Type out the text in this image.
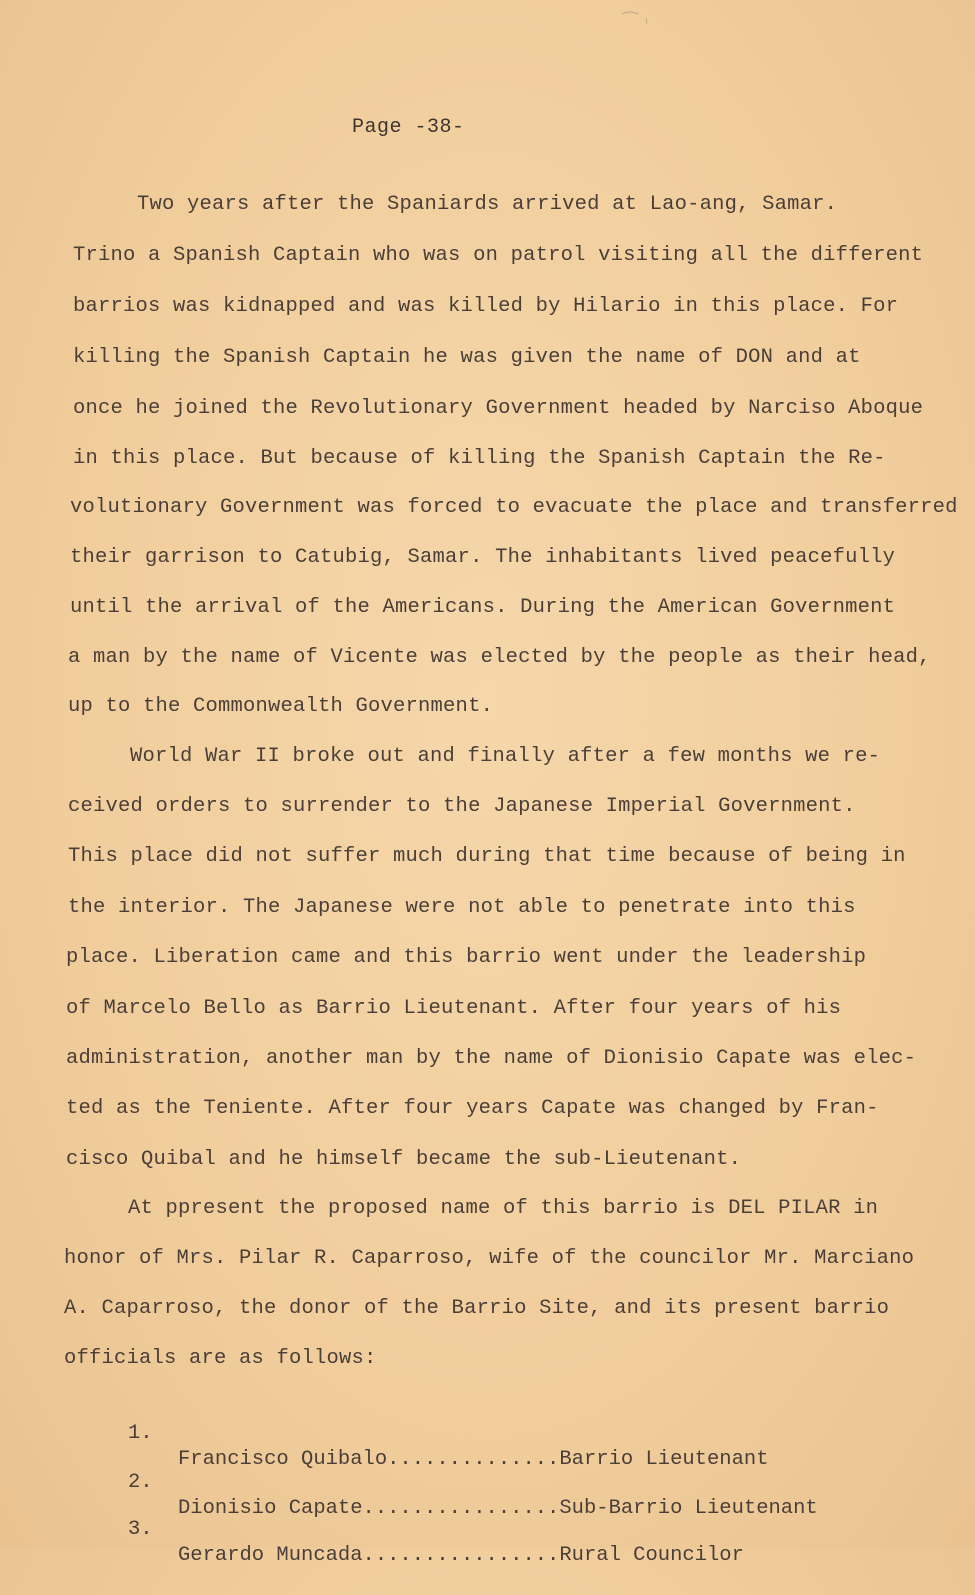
Page -38-
Two years after the Spaniards arrived at Lao-ang, Samar.
Trino a Spanish Captain who was on patrol visiting all the different
barrios was kidnapped and was killed by Hilario in this place. For
killing the Spanish Captain he was given the name of DON and at
once he joined the Revolutionary Government headed by Narciso Aboque
in this place. But because of killing the Spanish Captain the Re-
volutionary Government was forced to evacuate the place and transferred
their garrison to Catubig, Samar. The inhabitants lived peacefully
until the arrival of the Americans. During the American Government
a man by the name of Vicente was elected by the people as their head,
up to the Commonwealth Government.
World War II broke out and finally after a few months we re-
ceived orders to surrender to the Japanese Imperial Government.
This place did not suffer much during that time because of being in
the interior. The Japanese were not able to penetrate into this
place. Liberation came and this barrio went under the leadership
of Marcelo Bello as Barrio Lieutenant. After four years of his
administration, another man by the name of Dionisio Capate was elec-
ted as the Teniente. After four years Capate was changed by Fran-
cisco Quibal and he himself became the sub-Lieutenant.
At ppresent the proposed name of this barrio is DEL PILAR in
honor of Mrs. Pilar R. Caparroso, wife of the councilor Mr. Marciano
A. Caparroso, the donor of the Barrio Site, and its present barrio
officials are as follows:

1.

Francisco Quibalo..............Barrio Lieutenant

2.

Dionisio Capate................Sub-Barrio Lieutenant

3.

Gerardo Muncada................Rural Councilor
